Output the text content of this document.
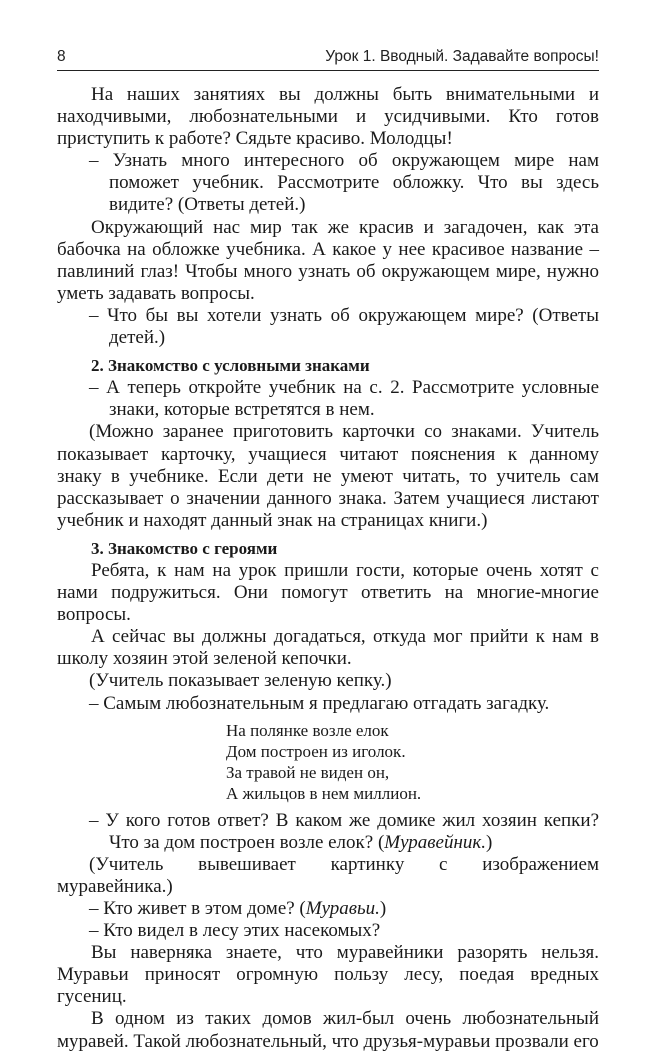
8	Урок 1. Вводный. Задавайте вопросы!

На наших занятиях вы должны быть внимательными и находчивыми, любознательными и усидчивыми. Кто готов приступить к работе? Сядьте красиво. Молодцы!

– Узнать много интересного об окружающем мире нам поможет учебник. Рассмотрите обложку. Что вы здесь видите? (Ответы детей.)

Окружающий нас мир так же красив и загадочен, как эта бабочка на обложке учебника. А какое у нее красивое название – павлиний глаз! Чтобы много узнать об окружающем мире, нужно уметь задавать вопросы.

– Что бы вы хотели узнать об окружающем мире? (Ответы детей.)

2. Знакомство с условными знаками

– А теперь откройте учебник на с. 2. Рассмотрите условные знаки, которые встретятся в нем.

(Можно заранее приготовить карточки со знаками. Учитель показывает карточку, учащиеся читают пояснения к данному знаку в учебнике. Если дети не умеют читать, то учитель сам рассказывает о значении данного знака. Затем учащиеся листают учебник и находят данный знак на страницах книги.)

3. Знакомство с героями

Ребята, к нам на урок пришли гости, которые очень хотят с нами подружиться. Они помогут ответить на многие-многие вопросы.

А сейчас вы должны догадаться, откуда мог прийти к нам в школу хозяин этой зеленой кепочки.

(Учитель показывает зеленую кепку.)

– Самым любознательным я предлагаю отгадать загадку.

На полянке возле елок
Дом построен из иголок.
За травой не виден он,
А жильцов в нем миллион.

– У кого готов ответ? В каком же домике жил хозяин кепки? Что за дом построен возле елок? (Муравейник.)

(Учитель вывешивает картинку с изображением муравейника.)

– Кто живет в этом доме? (Муравьи.)

– Кто видел в лесу этих насекомых?

Вы наверняка знаете, что муравейники разорять нельзя. Муравьи приносят огромную пользу лесу, поедая вредных гусениц.

В одном из таких домов жил-был очень любознательный муравей. Такой любознательный, что друзья-муравьи прозвали его
